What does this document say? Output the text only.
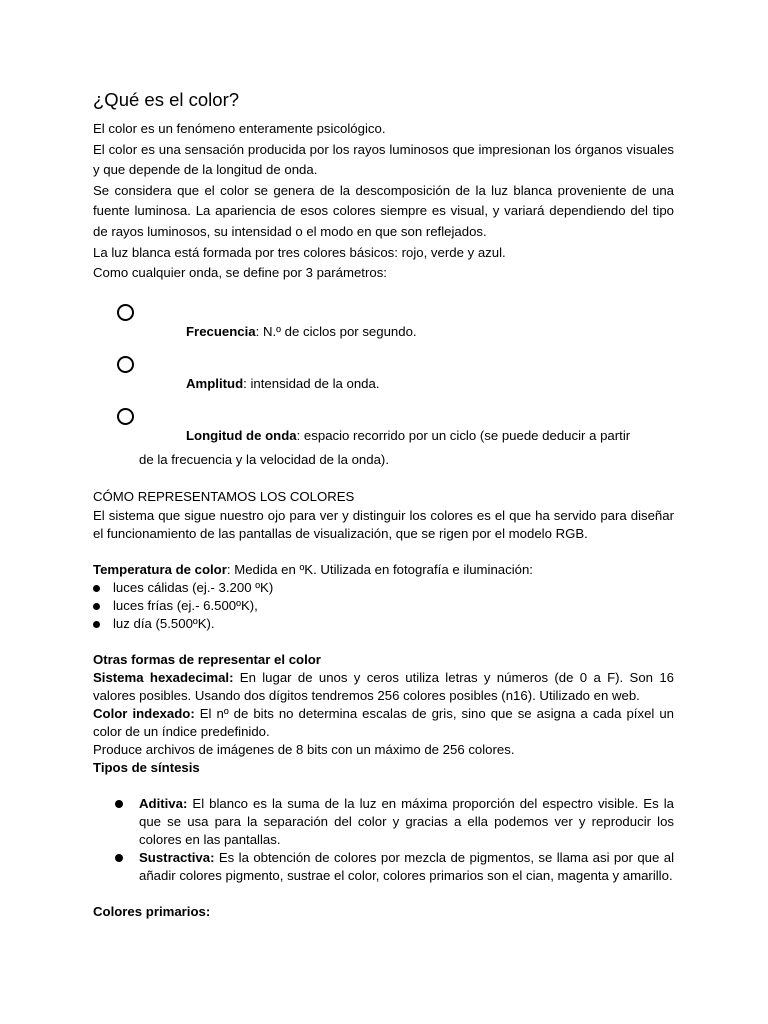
¿Qué es el color?

El color es un fenómeno enteramente psicológico.

El color es una sensación producida por los rayos luminosos que impresionan los órganos visuales y que depende de la longitud de onda.

Se considera que el color se genera de la descomposición de la luz blanca proveniente de una fuente luminosa. La apariencia de esos colores siempre es visual, y variará dependiendo del tipo de rayos luminosos, su intensidad o el modo en que son reflejados.

La luz blanca está formada por tres colores básicos: rojo, verde y azul.

Como cualquier onda, se define por 3 parámetros:

Frecuencia: N.º de ciclos por segundo.
Amplitud: intensidad de la onda.
Longitud de onda: espacio recorrido por un ciclo (se puede deducir a partir
de la frecuencia y la velocidad de la onda).
CÓMO REPRESENTAMOS LOS COLORES

El sistema que sigue nuestro ojo para ver y distinguir los colores es el que ha servido para diseñar el funcionamiento de las pantallas de visualización, que se rigen por el modelo RGB.

Temperatura de color: Medida en ºK. Utilizada en fotografía e iluminación:

luces cálidas (ej.- 3.200 ºK)
luces frías (ej.- 6.500ºK),
luz día (5.500ºK).

Otras formas de representar el color

Sistema hexadecimal: En lugar de unos y ceros utiliza letras y números (de 0 a F). Son 16 valores posibles. Usando dos dígitos tendremos 256 colores posibles (n16). Utilizado en web.

Color indexado: El nº de bits no determina escalas de gris, sino que se asigna a cada píxel un color de un índice predefinido.

Produce archivos de imágenes de 8 bits con un máximo de 256 colores.

Tipos de síntesis

Aditiva: El blanco es la suma de la luz en máxima proporción del espectro visible. Es la que se usa para la separación del color y gracias a ella podemos ver y reproducir los colores en las pantallas.
Sustractiva: Es la obtención de colores por mezcla de pigmentos, se llama asi por que al añadir colores pigmento, sustrae el color, colores primarios son el cian, magenta y amarillo.

Colores primarios:
